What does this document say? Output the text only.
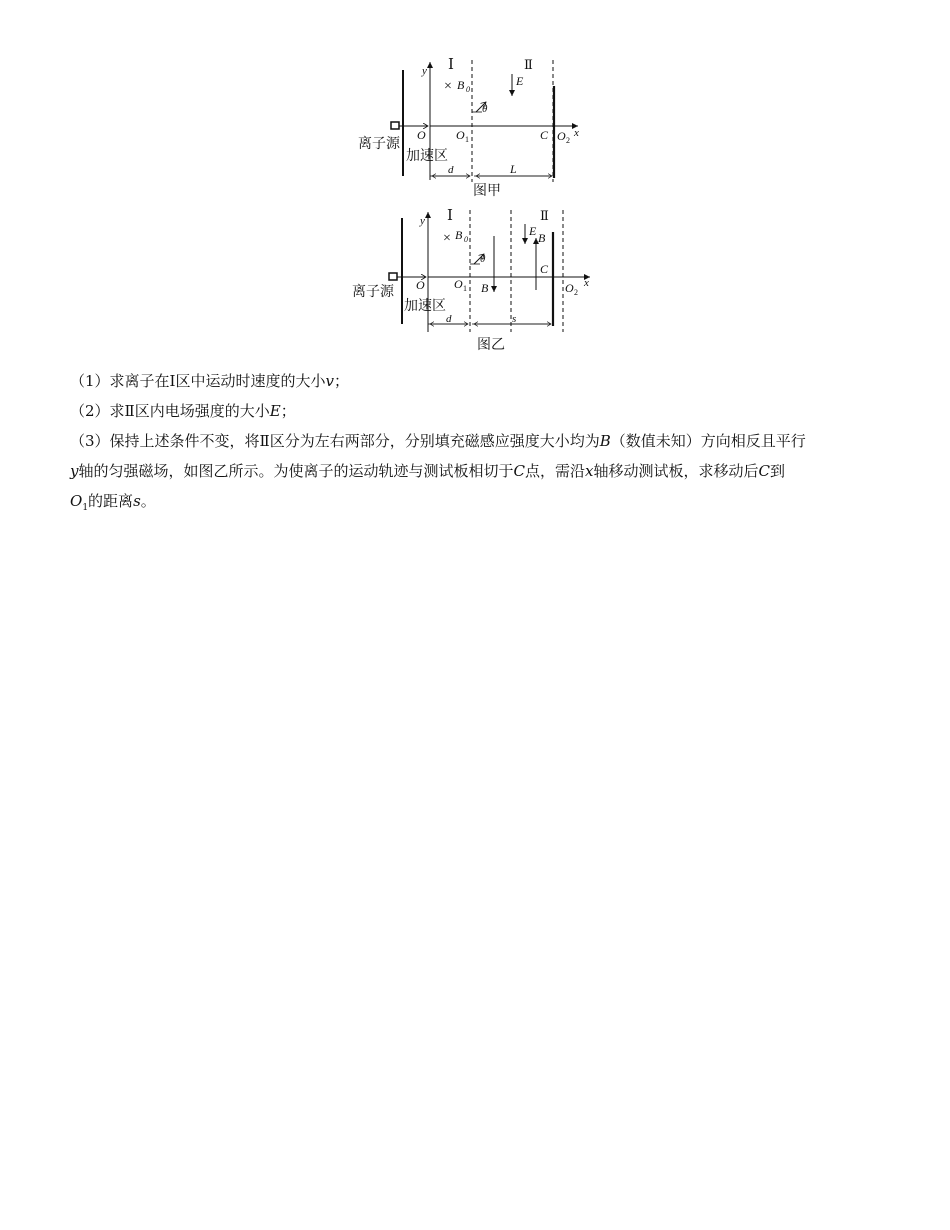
Ⅰ	Ⅱ
y
× B 0
E
θ
O	O 1	C O 2
x
离子源
加速区
d	L
图甲
Ⅰ	Ⅱ
y
× B 0
E B
θ
C
O O 1 B	O 2
x
离子源
加速区
d	s
图乙

（1）求离子在Ⅰ区中运动时速度的大小v；

（2）求Ⅱ区内电场强度的大小E；

（3）保持上述条件不变，将Ⅱ区分为左右两部分，分别填充磁感应强度大小均为B（数值未知）方向相反且平行
y轴的匀强磁场，如图乙所示。为使离子的运动轨迹与测试板相切于C点，需沿x轴移动测试板，求移动后C到
$O_1$的距离s。
